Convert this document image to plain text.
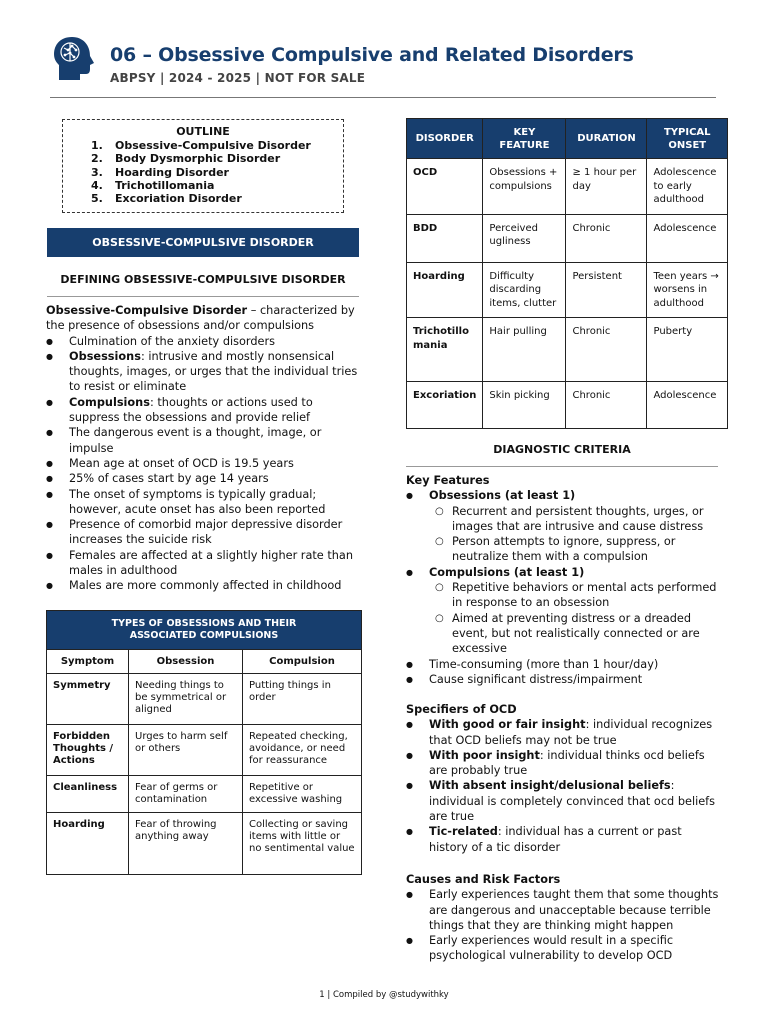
06 – Obsessive Compulsive and Related Disorders
ABPSY | 2024 - 2025 | NOT FOR SALE
OUTLINE
1. Obsessive-Compulsive Disorder
2. Body Dysmorphic Disorder
3. Hoarding Disorder
4. Trichotillomania
5. Excoriation Disorder
OBSESSIVE-COMPULSIVE DISORDER
DEFINING OBSESSIVE-COMPULSIVE DISORDER
Obsessive-Compulsive Disorder – characterized by the presence of obsessions and/or compulsions
● Culmination of the anxiety disorders
● Obsessions: intrusive and mostly nonsensical thoughts, images, or urges that the individual tries to resist or eliminate
● Compulsions: thoughts or actions used to suppress the obsessions and provide relief
● The dangerous event is a thought, image, or impulse
● Mean age at onset of OCD is 19.5 years
● 25% of cases start by age 14 years
● The onset of symptoms is typically gradual; however, acute onset has also been reported
● Presence of comorbid major depressive disorder increases the suicide risk
● Females are affected at a slightly higher rate than males in adulthood
● Males are more commonly affected in childhood
TYPES OF OBSESSIONS AND THEIR
ASSOCIATED COMPULSIONS		

Symptom	Obsession	Compulsion
Symmetry	Needing things to be symmetrical or aligned	Putting things in order
Forbidden Thoughts / Actions	Urges to harm self or others	Repeated checking, avoidance, or need for reassurance
Cleanliness	Fear of germs or contamination	Repetitive or excessive washing
Hoarding	Fear of throwing anything away	Collecting or saving items with little or no sentimental value
DISORDER	KEY FEATURE	DURATION	TYPICAL ONSET
OCD	Obsessions + compulsions	≥ 1 hour per day	Adolescence to early adulthood
BDD	Perceived ugliness	Chronic	Adolescence
Hoarding	Difficulty discarding items, clutter	Persistent	Teen years → worsens in adulthood
Trichotillo mania	Hair pulling	Chronic	Puberty
Excoriation	Skin picking	Chronic	Adolescence
DIAGNOSTIC CRITERIA
Key Features
● Obsessions (at least 1)
○ Recurrent and persistent thoughts, urges, or images that are intrusive and cause distress
○ Person attempts to ignore, suppress, or neutralize them with a compulsion
● Compulsions (at least 1)
○ Repetitive behaviors or mental acts performed in response to an obsession
○ Aimed at preventing distress or a dreaded event, but not realistically connected or are excessive
● Time-consuming (more than 1 hour/day)
● Cause significant distress/impairment
Specifiers of OCD
● With good or fair insight: individual recognizes that OCD beliefs may not be true
● With poor insight: individual thinks ocd beliefs are probably true
● With absent insight/delusional beliefs: individual is completely convinced that ocd beliefs are true
● Tic-related: individual has a current or past history of a tic disorder
Causes and Risk Factors
● Early experiences taught them that some thoughts are dangerous and unacceptable because terrible things that they are thinking might happen
● Early experiences would result in a specific psychological vulnerability to develop OCD
1 | Compiled by @studywithky
